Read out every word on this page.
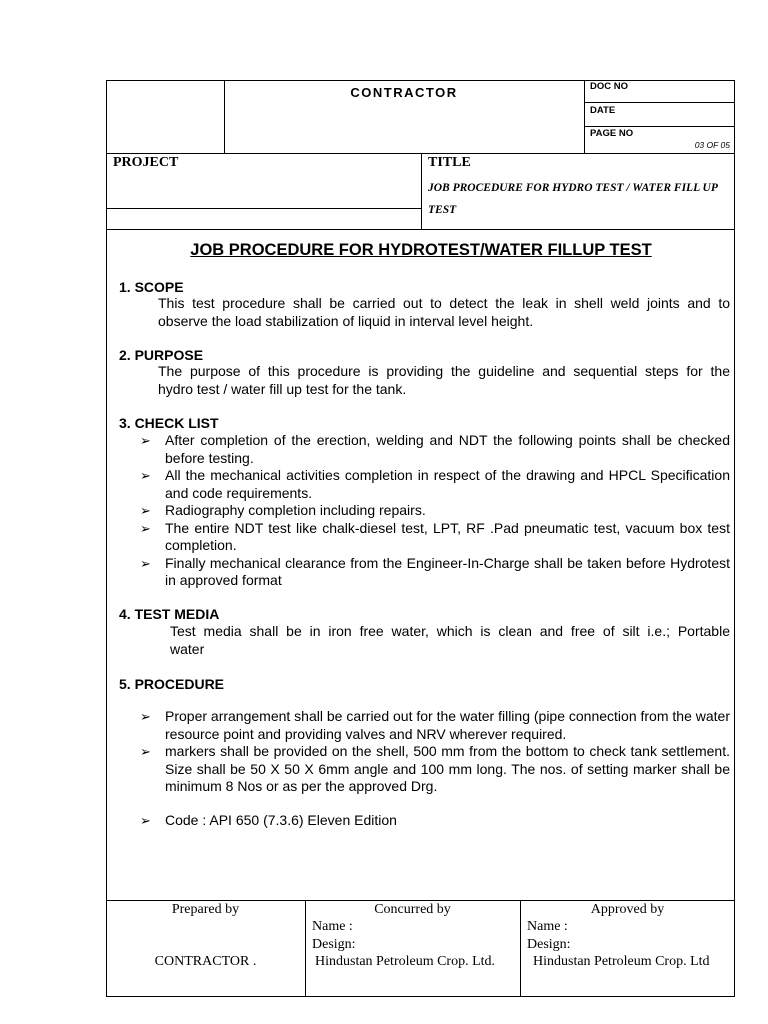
CONTRACTOR	DOC NO
DATE
PAGE NO
03 OF 05
PROJECT	TITLE
JOB PROCEDURE FOR HYDRO TEST / WATER FILL UP TEST
JOB PROCEDURE FOR HYDROTEST/WATER FILLUP TEST
1. SCOPE
This test procedure shall be carried out to detect the leak in shell weld joints and to
observe the load stabilization of liquid in interval level height.
2. PURPOSE
The purpose of this procedure is providing the guideline and sequential steps for the
hydro test / water fill up test for the tank.
3. CHECK LIST
➢ After completion of the erection, welding and NDT the following points shall be checked before testing.
➢ All the mechanical activities completion in respect of the drawing and HPCL Specification and code requirements.
➢ Radiography completion including repairs.
➢ The entire NDT test like chalk-diesel test, LPT, RF .Pad pneumatic test, vacuum box test completion.
➢ Finally mechanical clearance from the Engineer-In-Charge shall be taken before Hydrotest in approved format
4. TEST MEDIA
Test media shall be in iron free water, which is clean and free of silt i.e.; Portable
water
5. PROCEDURE
➢ Proper arrangement shall be carried out for the water filling (pipe connection from the water resource point and providing valves and NRV wherever required.
➢ markers shall be provided on the shell, 500 mm from the bottom to check tank settlement. Size shall be 50 X 50 X 6mm angle and 100 mm long. The nos. of setting marker shall be minimum 8 Nos or as per the approved Drg.
➢ Code : API 650 (7.3.6) Eleven Edition
Prepared by
CONTRACTOR .
Concurred by
Name :
Design:
Hindustan Petroleum Crop. Ltd.
Approved by
Name :
Design:
Hindustan Petroleum Crop. Ltd
